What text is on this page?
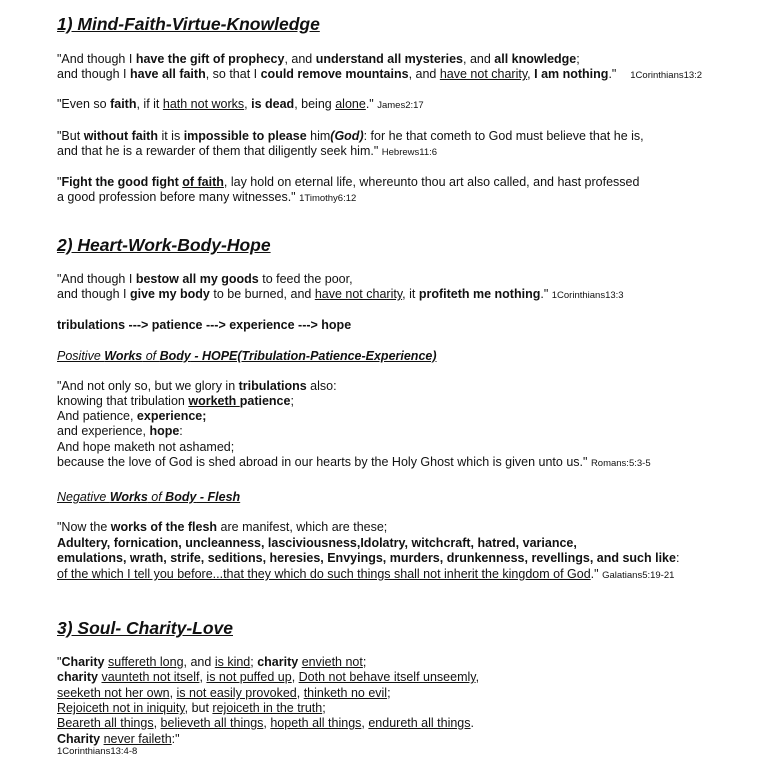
1) Mind-Faith-Virtue-Knowledge
"And though I have the gift of prophecy, and understand all mysteries, and all knowledge;
and though I have all faith, so that I could remove mountains, and have not charity, I am nothing." 1Corinthians13:2
"Even so faith, if it hath not works, is dead, being alone." James2:17
"But without faith it is impossible to please him(God): for he that cometh to God must believe that he is,
and that he is a rewarder of them that diligently seek him." Hebrews11:6
"Fight the good fight of faith, lay hold on eternal life, whereunto thou art also called, and hast professed
a good profession before many witnesses." 1Timothy6:12
2) Heart-Work-Body-Hope
"And though I bestow all my goods to feed the poor,
and though I give my body to be burned, and have not charity, it profiteth me nothing." 1Corinthians13:3
tribulations ---> patience ---> experience ---> hope
Positive Works of Body - HOPE(Tribulation-Patience-Experience)
"And not only so, but we glory in tribulations also:
knowing that tribulation worketh patience;
And patience, experience;
and experience, hope:
And hope maketh not ashamed;
because the love of God is shed abroad in our hearts by the Holy Ghost which is given unto us." Romans:5:3-5
Negative Works of Body - Flesh
"Now the works of the flesh are manifest, which are these;
Adultery, fornication, uncleanness, lasciviousness,Idolatry, witchcraft, hatred, variance,
emulations, wrath, strife, seditions, heresies, Envyings, murders, drunkenness, revellings, and such like:
of the which I tell you before...that they which do such things shall not inherit the kingdom of God." Galatians5:19-21
3) Soul- Charity-Love
"Charity suffereth long, and is kind; charity envieth not;
charity vaunteth not itself, is not puffed up, Doth not behave itself unseemly,
seeketh not her own, is not easily provoked, thinketh no evil;
Rejoiceth not in iniquity, but rejoiceth in the truth;
Beareth all things, believeth all things, hopeth all things, endureth all things.
Charity never faileth:"
1Corinthians13:4-8
